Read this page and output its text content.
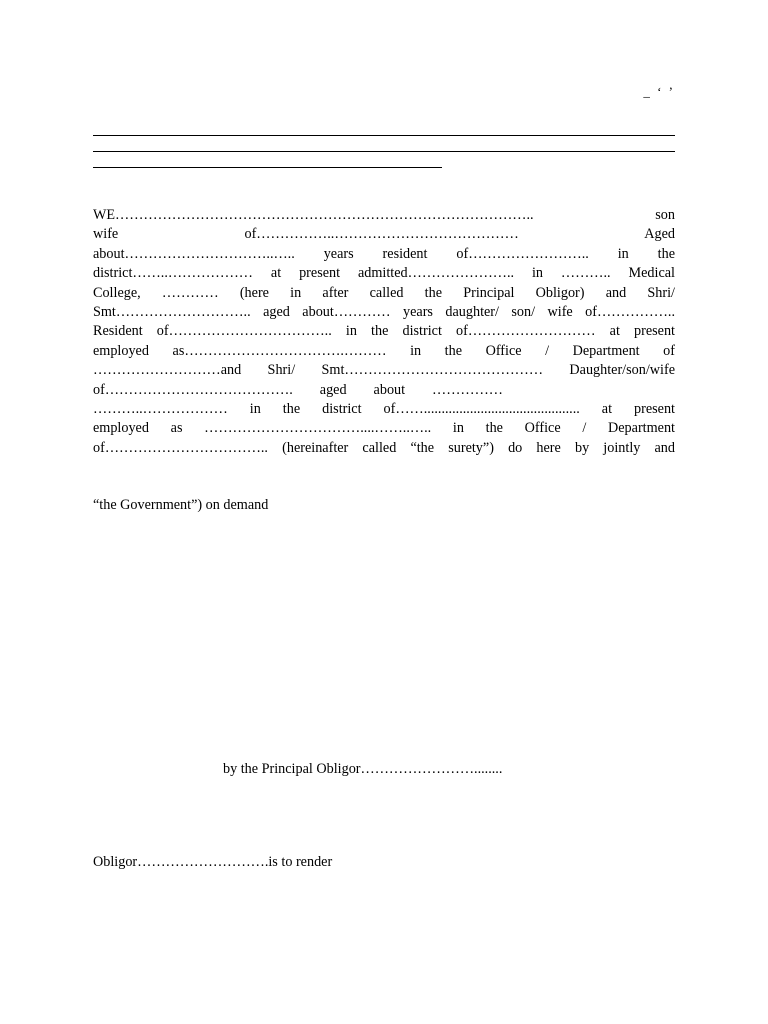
_ ‘ ’
WE…………………………………………………………………………….. son
wife of……………..………………………………… Aged
about…………………………..….. years resident of…………………….. in the
district……..……………… at present admitted………………….. in ……….. Medical
College, ………… (here in after called the Principal Obligor) and Shri/
Smt……………………….. aged about………… years daughter/ son/ wife of……………..
Resident of…………………………….. in the district of……………………… at present
employed as…………………………….……… in the Office / Department of
………………………and Shri/ Smt…………………………………… Daughter/son/wife
of…………………………………. aged about ……………
………..……………… in the district of……............................................ at present
employed as ……………………………....……..….. in the Office / Department
of…………………………….. (hereinafter called “the surety”) do here by jointly and
“the Government”) on demand
by the Principal Obligor……………………........
Obligor……………………….is to render
